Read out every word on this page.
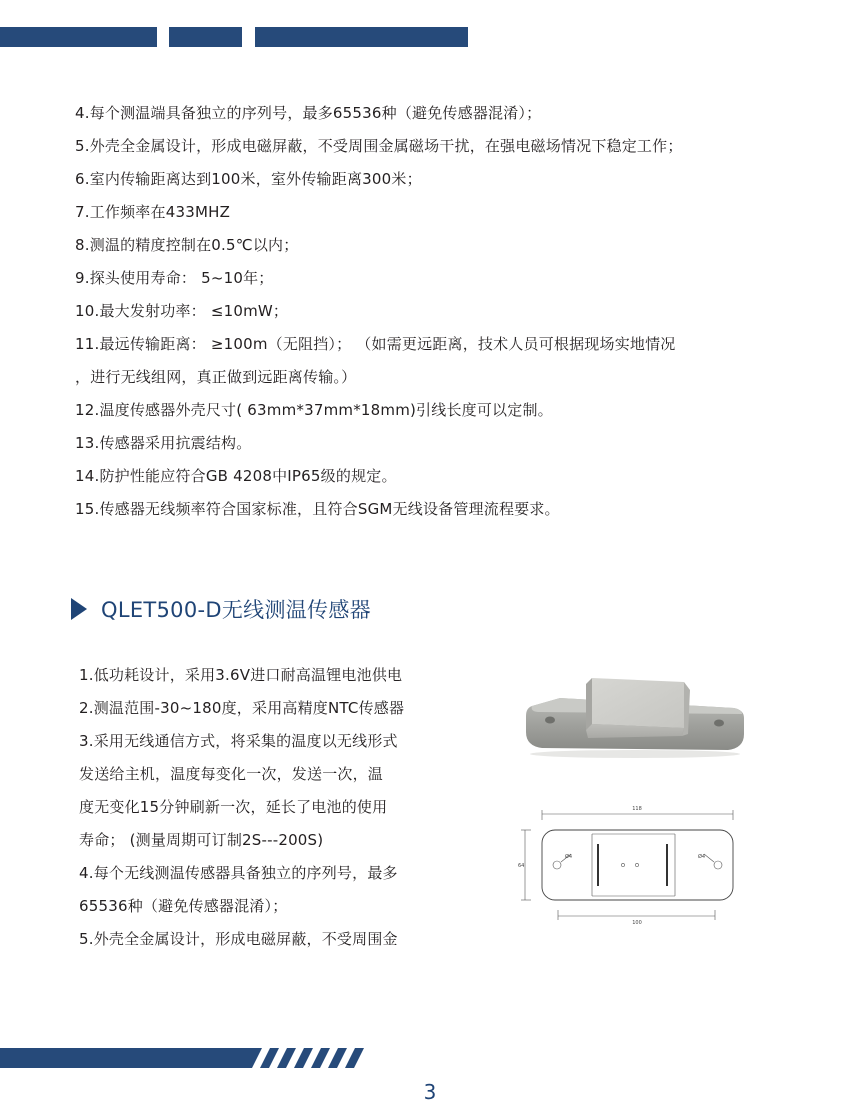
4.每个测温端具备独立的序列号，最多65536种（避免传感器混淆）；
5.外壳全金属设计，形成电磁屏蔽，不受周围金属磁场干扰，在强电磁场情况下稳定工作；
6.室内传输距离达到100米，室外传输距离300米；
7.工作频率在433MHZ
8.测温的精度控制在0.5℃以内；
9.探头使用寿命： 5~10年；
10.最大发射功率： ≤10mW；
11.最远传输距离： ≥100m（无阻挡）； （如需更远距离，技术人员可根据现场实地情况
，进行无线组网，真正做到远距离传输。）
12.温度传感器外壳尺寸( 63mm*37mm*18mm)引线长度可以定制。
13.传感器采用抗震结构。
14.防护性能应符合GB 4208中IP65级的规定。
15.传感器无线频率符合国家标准，且符合SGM无线设备管理流程要求。
QLET500-D无线测温传感器
1.低功耗设计，采用3.6V进口耐高温锂电池供电
2.测温范围-30~180度，采用高精度NTC传感器
3.采用无线通信方式，将采集的温度以无线形式
发送给主机，温度每变化一次，发送一次，温
度无变化15分钟刷新一次，延长了电池的使用
寿命； (测量周期可订制2S---200S)
4.每个无线测温传感器具备独立的序列号，最多
65536种（避免传感器混淆）；
5.外壳全金属设计，形成电磁屏蔽，不受周围金
118
100
64
Ø4	Ø4
3
